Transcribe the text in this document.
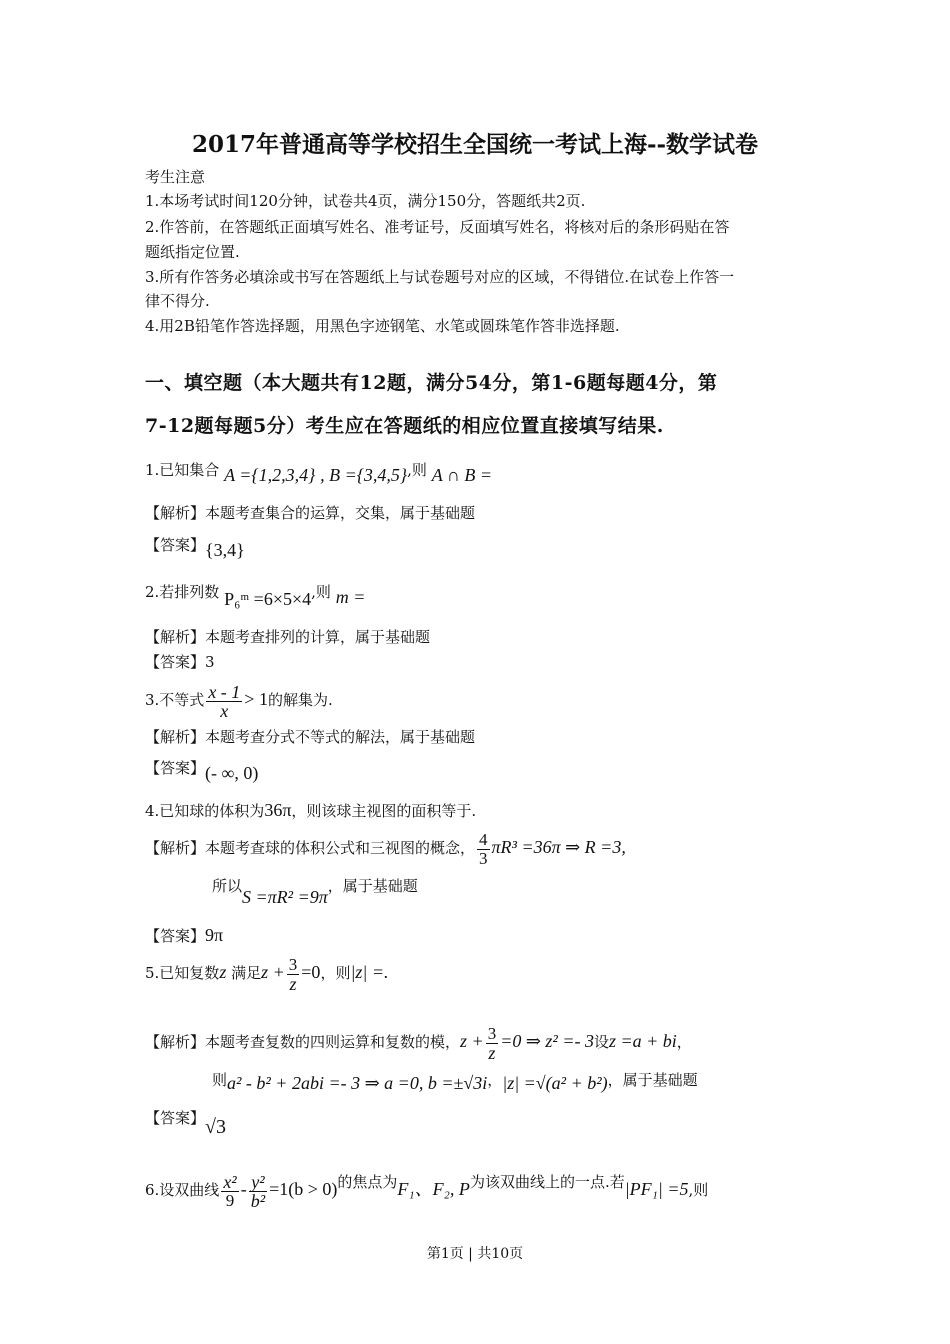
2017年普通高等学校招生全国统一考试上海--数学试卷
考生注意
1.本场考试时间120分钟，试卷共4页，满分150分，答题纸共2页.
2.作答前，在答题纸正面填写姓名、准考证号，反面填写姓名，将核对后的条形码贴在答
题纸指定位置.
3.所有作答务必填涂或书写在答题纸上与试卷题号对应的区域，不得错位.在试卷上作答一
律不得分.
4.用2B铅笔作答选择题，用黑色字迹钢笔、水笔或圆珠笔作答非选择题.
一、填空题（本大题共有12题，满分54分，第1-6题每题4分，第
7-12题每题5分）考生应在答题纸的相应位置直接填写结果.
1.已知集合 A ={1,2,3,4} , B ={3,4,5},则 A ∩ B =
【解析】本题考查集合的运算，交集，属于基础题
【答案】{3,4}
2.若排列数 P₆ᵐ =6×5×4,则 m =
【解析】本题考查排列的计算，属于基础题
【答案】3
3.不等式 $\frac{x - 1}{x} > 1$的解集为.
【解析】本题考查分式不等式的解法，属于基础题
【答案】(- ∞, 0)
4.已知球的体积为36π，则该球主视图的面积等于.
【解析】本题考查球的体积公式和三视图的概念， $\frac{4}{3} \pi R^3 =36\pi$ ⇒ R =3,
所以S =πR² =9π，属于基础题
【答案】9π
5.已知复数z 满足$z + \frac{3}{z} =0$，则|z| =.
【解析】本题考查复数的四则运算和复数的模，$z + \frac{3}{z} =0$ ⇒ z² =- 3设z =a + bi，
则a² - b² + 2abi =- 3 ⇒ a =0, b =±√3i，|z| =√(a² + b²)，属于基础题
【答案】√3
6.设双曲线 $\frac{\text{x²}}{9} - \frac{\text{y²}}{\text{b²}} =1(b > 0)$的焦点为F₁、F₂, P为该双曲线上的一点.若|PF₁| =5,则
第1页 | 共10页
